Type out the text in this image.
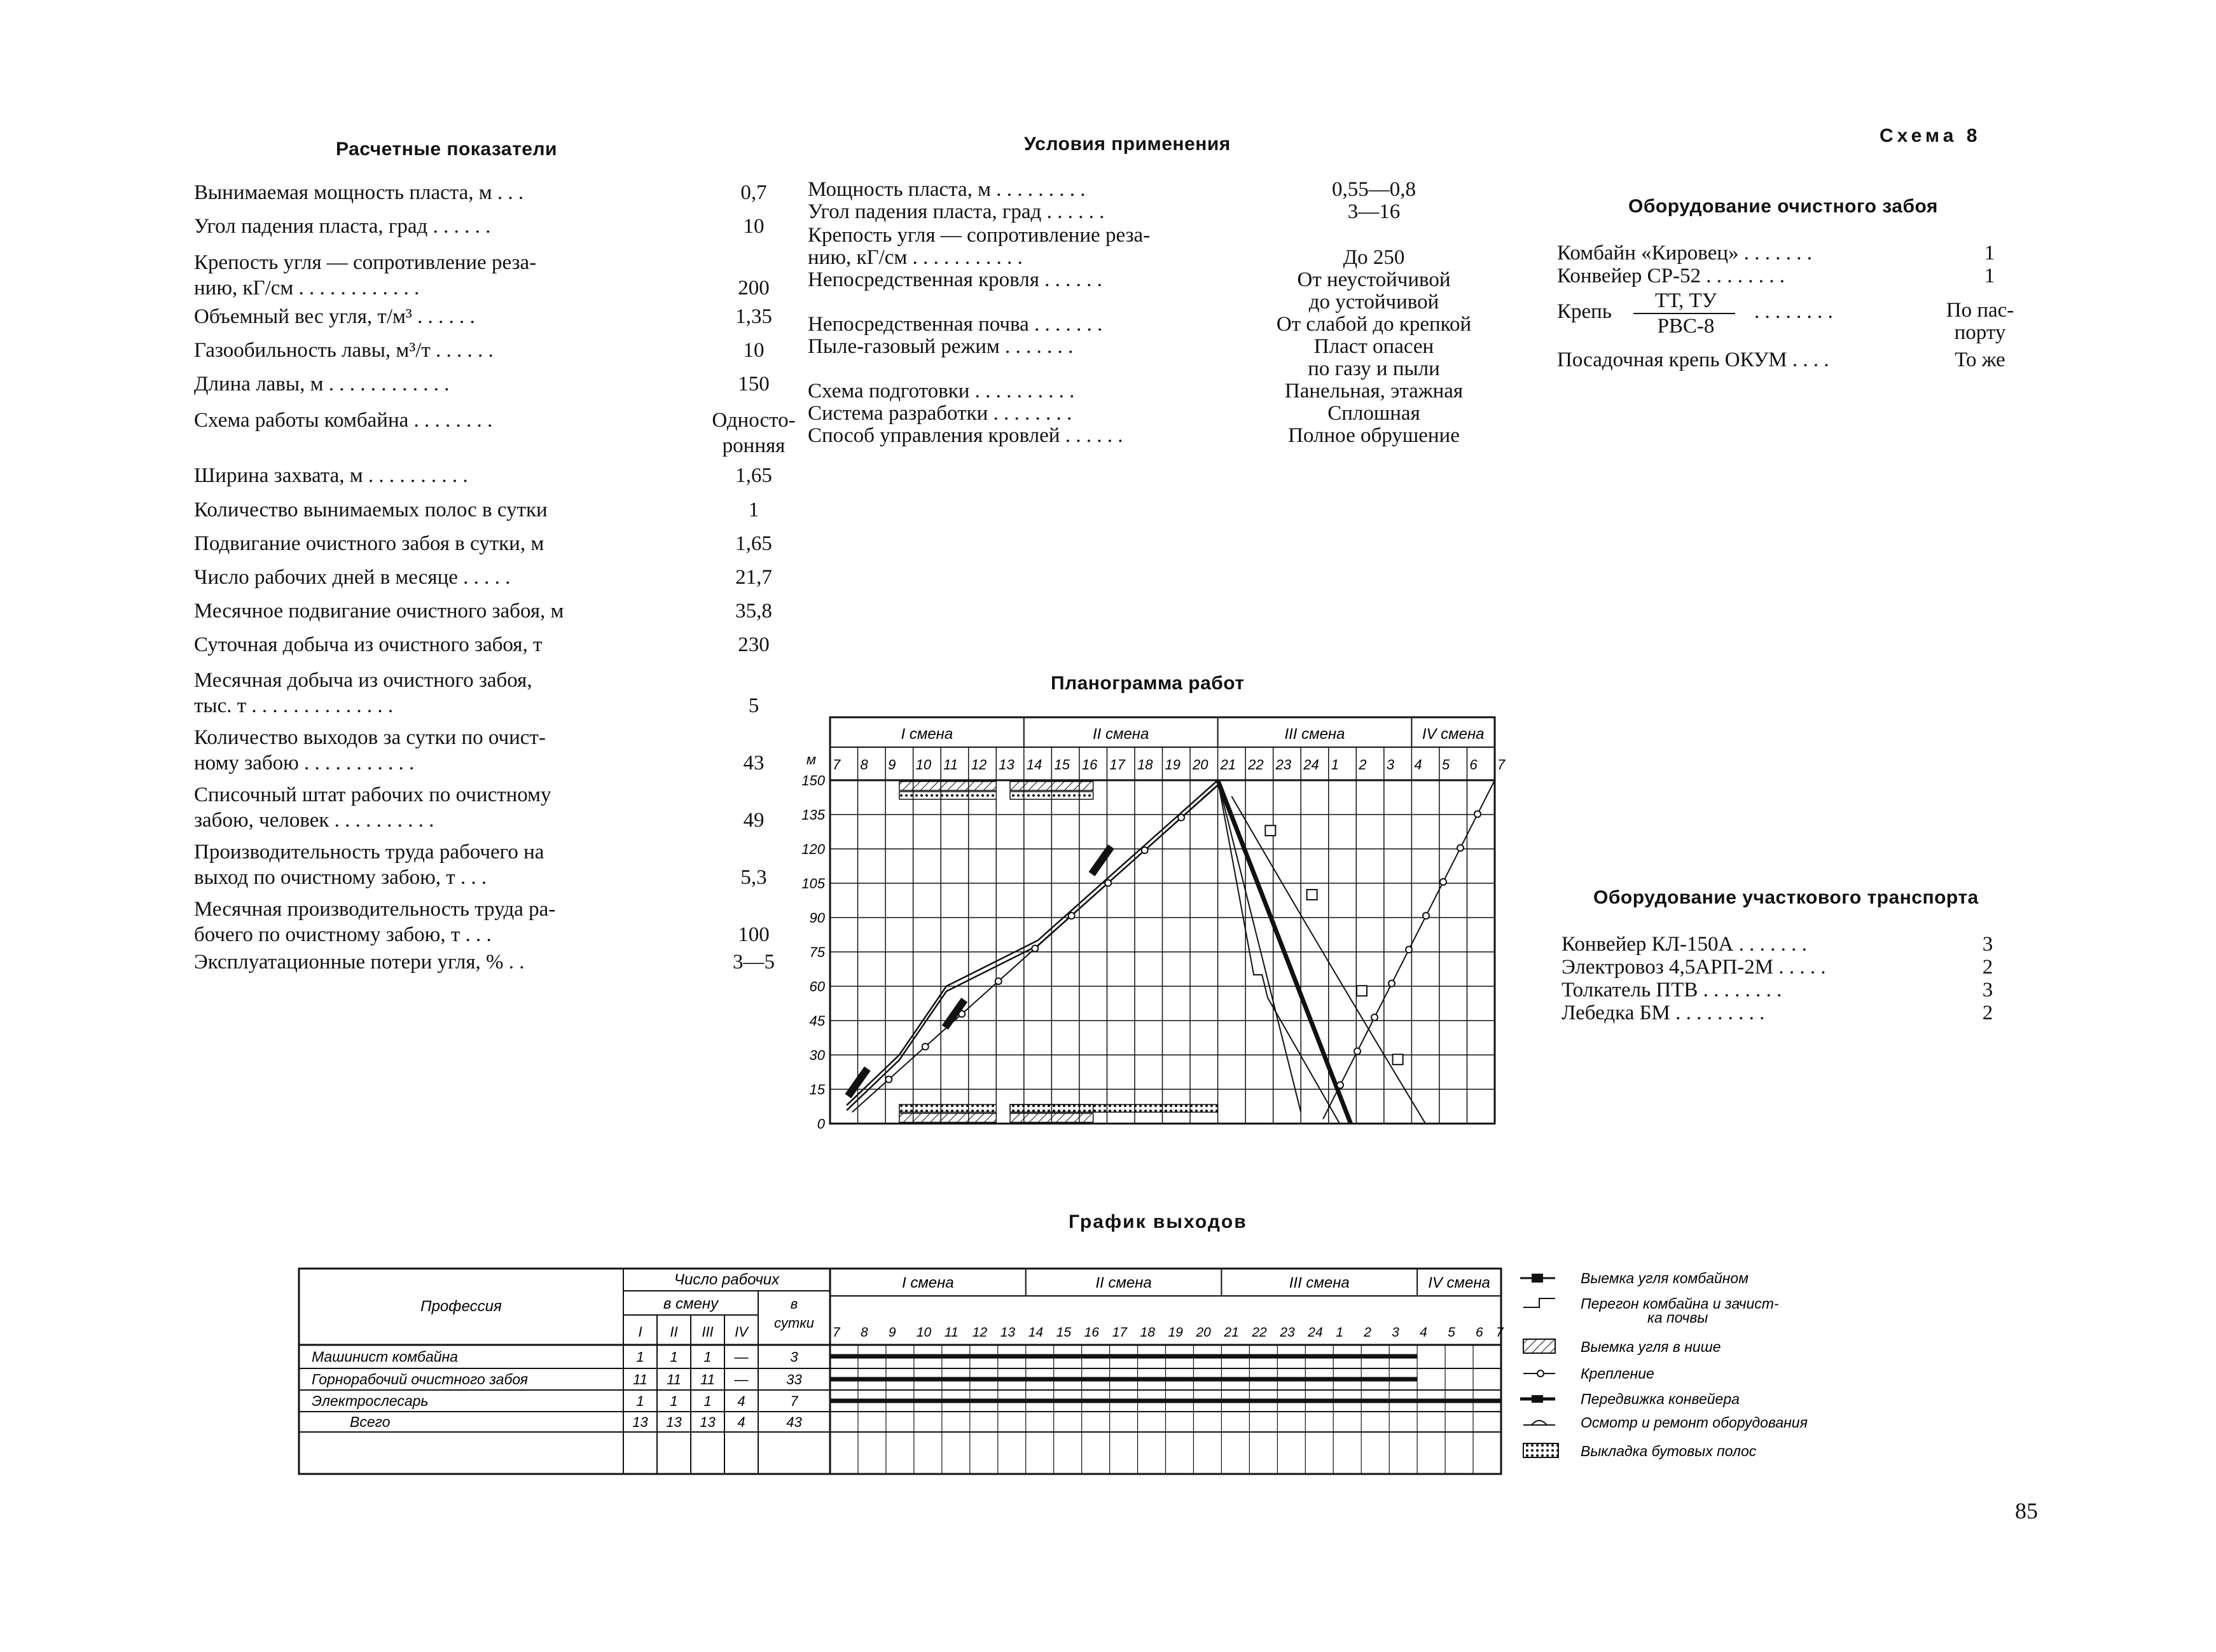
Схема 8
85
Расчетные показатели
Вынимаемая мощность пласта, м . . .	0,7
Угол падения пласта, град . . . . . .	10
Крепость угля — сопротивление реза-
нию, кГ/см . . . . . . . . . . . .	200
Объемный вес угля, т/м³ . . . . . .	1,35
Газообильность лавы, м³/т . . . . . .	10
Длина лавы, м . . . . . . . . . . . .	150
Схема работы комбайна . . . . . . . .	Односто-
ронняя
Ширина захвата, м . . . . . . . . . .	1,65
Количество вынимаемых полос в сутки	1
Подвигание очистного забоя в сутки, м	1,65
Число рабочих дней в месяце . . . . .	21,7
Месячное подвигание очистного забоя, м	35,8
Суточная добыча из очистного забоя, т	230
Месячная добыча из очистного забоя,
тыс. т . . . . . . . . . . . . . .	5
Количество выходов за сутки по очист-
ному забою . . . . . . . . . . .	43
Списочный штат рабочих по очистному
забою, человек . . . . . . . . . .	49
Производительность труда рабочего на
выход по очистному забою, т . . .	5,3
Месячная производительность труда ра-
бочего по очистному забою, т . . .	100
Эксплуатационные потери угля, % . .	3—5
Условия применения
Мощность пласта, м . . . . . . . . .	0,55—0,8
Угол падения пласта, град . . . . . .	3—16
Крепость угля — сопротивление реза-
нию, кГ/см . . . . . . . . . . .	До 250
Непосредственная кровля . . . . . .	От неустойчивой
до устойчивой
Непосредственная почва . . . . . . .	От слабой до крепкой
Пыле-газовый режим . . . . . . .	Пласт опасен
по газу и пыли
Схема подготовки . . . . . . . . . .	Панельная, этажная
Система разработки . . . . . . . .	Сплошная
Способ управления кровлей . . . . . .	Полное обрушение
Оборудование очистного забоя
Комбайн «Кировец» . . . . . . .	1
Конвейер СР-52 . . . . . . . .	1
Крепь	ТТ, ТУ
РВС-8
. . . . . . . .	По пас-
порту
Посадочная крепь ОКУМ . . . .	То же
Оборудование участкового транспорта
Конвейер КЛ-150А . . . . . . .	3
Электровоз 4,5АРП-2М . . . . .	2
Толкатель ПТВ . . . . . . . .	3
Лебедка БМ . . . . . . . . .	2
Планограмма работ
I смена	II смена	III смена	IV смена
7 8 9 10 11 12 13 14 15 16 17 18 19 20 21 22 23 24 1 2 3 4 5 6 7
150
135
120
105
90
75
60
45
30
15
0
м
График выходов
8 9 10 11 12 13 14 15 16 17 18 19 20 21 22 23 24 1 2 3 4 5 6
7	7
I смена	II смена	III смена	IV смена
Профессия
Число рабочих
в смену	в
сутки
I II III IV
Машинист комбайна	1 1 1 —	3
Горнорабочий очистного забоя	11 11 11 —	33
Электрослесарь	1 1 1 4	7
Всего	13 13 13 4	43
Выемка угля комбайном
Перегон комбайна и зачист-
ка почвы
Выемка угля в нише
Крепление
Передвижка конвейера
Осмотр и ремонт оборудования
Выкладка бутовых полос
